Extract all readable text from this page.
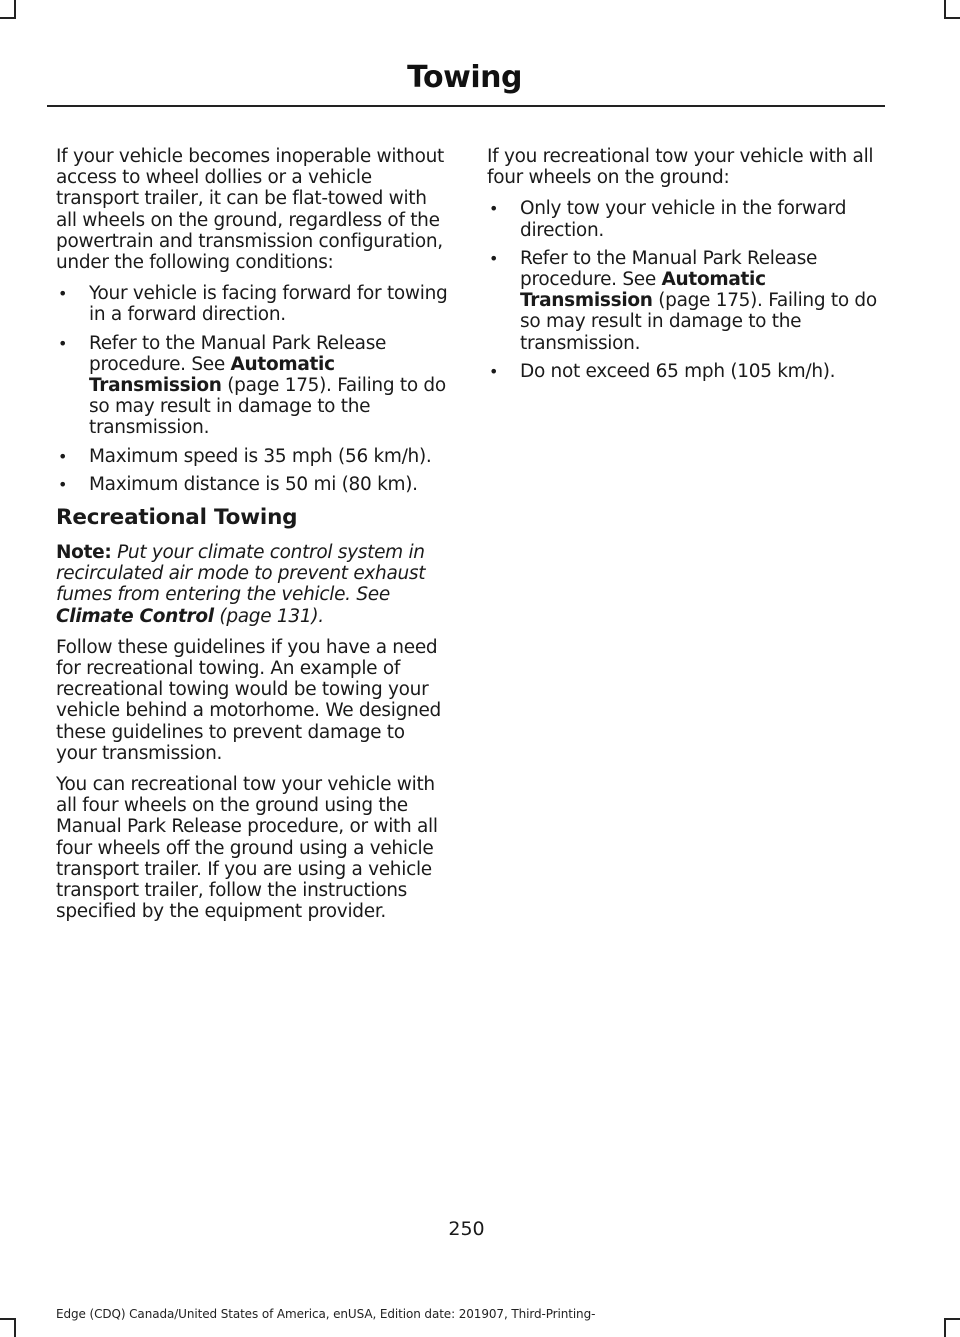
Towing

If your vehicle becomes inoperable without access to wheel dollies or a vehicle transport trailer, it can be flat-towed with all wheels on the ground, regardless of the powertrain and transmission configuration, under the following conditions:

• Your vehicle is facing forward for towing in a forward direction.
• Refer to the Manual Park Release procedure. See Automatic Transmission (page 175). Failing to do so may result in damage to the transmission.
• Maximum speed is 35 mph (56 km/h).
• Maximum distance is 50 mi (80 km).
Recreational Towing

Note: Put your climate control system in recirculated air mode to prevent exhaust fumes from entering the vehicle. See Climate Control (page 131).

Follow these guidelines if you have a need for recreational towing. An example of recreational towing would be towing your vehicle behind a motorhome. We designed these guidelines to prevent damage to your transmission.

You can recreational tow your vehicle with all four wheels on the ground using the Manual Park Release procedure, or with all four wheels off the ground using a vehicle transport trailer. If you are using a vehicle transport trailer, follow the instructions specified by the equipment provider.

If you recreational tow your vehicle with all four wheels on the ground:

• Only tow your vehicle in the forward direction.
• Refer to the Manual Park Release procedure. See Automatic Transmission (page 175). Failing to do so may result in damage to the transmission.
• Do not exceed 65 mph (105 km/h).
250
Edge (CDQ) Canada/United States of America, enUSA, Edition date: 201907, Third-Printing-
